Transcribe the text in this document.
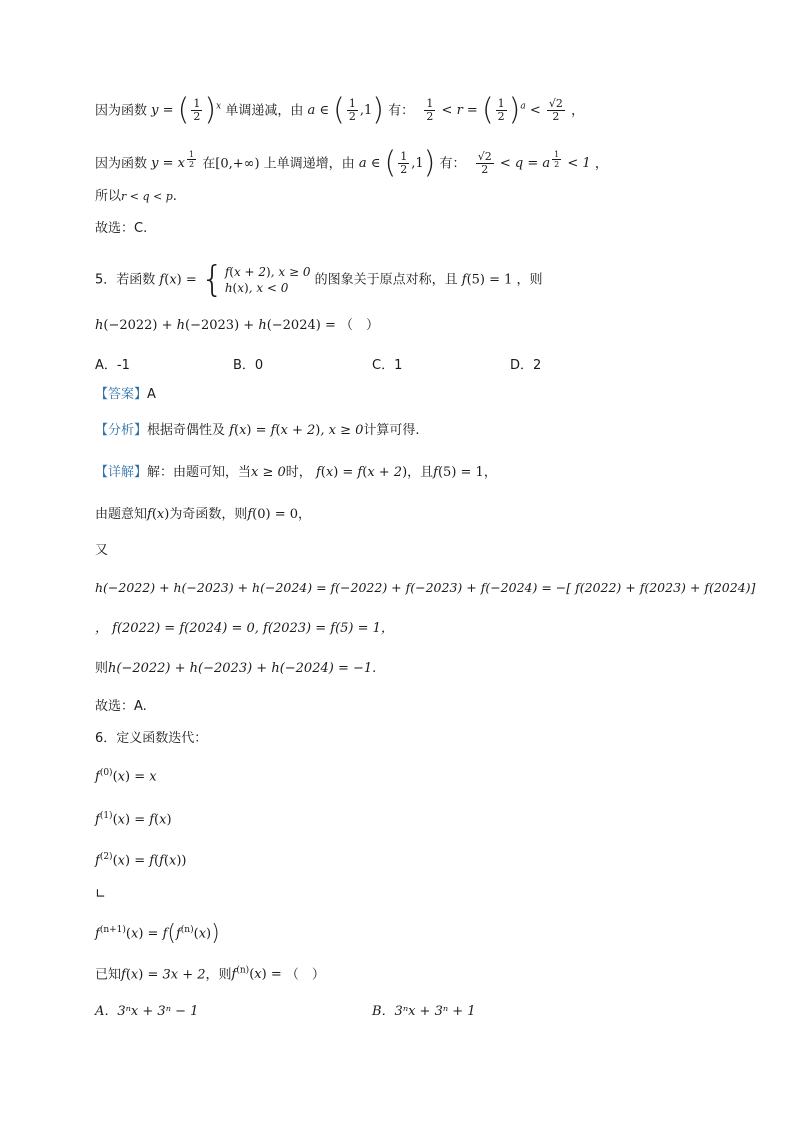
因为函数 y = ( $\frac{1}{2} )^x$ 单调递减，由 a ∈ ( $\frac{1}{2} ,1$) 有： $\frac{1}{2} < r$ = ( $\frac{1}{2} )^a < \frac{√2}{2}$ ，
因为函数 y = x $^{\frac{1}{2}}$ 在[0,+∞) 上单调递增，由 a ∈ ( $\frac{1}{2} ,1$) 有： $\frac{√2}{2} < q = a$ $^{\frac{1}{2}}$ < 1 ，
所以r < q < p.
故选：C.
5．若函数 f(x) = { f(x + 2), x ≥ 0
h(x), x < 0
的图象关于原点对称，且 f(5) = 1 ，则
h(−2022) + h(−2023) + h(−2024) = （　）
A．-1	B．0	C．1	D．2
【答案】A
【分析】根据奇偶性及 f(x) = f(x + 2), x ≥ 0计算可得.
【详解】解：由题可知，当x ≥ 0时， f(x) = f(x + 2)，且f(5) = 1，
由题意知f(x)为奇函数，则f(0) = 0，
又
h(−2022) + h(−2023) + h(−2024) = f(−2022) + f(−2023) + f(−2024) = −[ f(2022) + f(2023) + f(2024)]
， f(2022) = f(2024) = 0, f(2023) = f(5) = 1，
则h(−2022) + h(−2023) + h(−2024) = −1.
故选：A.
6．定义函数迭代：
$f^{(0)}(x) = x$
$f^{(1)}(x) = f(x)$
$f^{(2)}(x) = f(f(x))$
∟
$f^{(n+1)}(x) = f(f^{(n)}(x))$
已知f(x) = 3x + 2，则$f^{(n)}(x)$ = （　）
A．3ⁿx + 3ⁿ − 1	B．3ⁿx + 3ⁿ + 1
